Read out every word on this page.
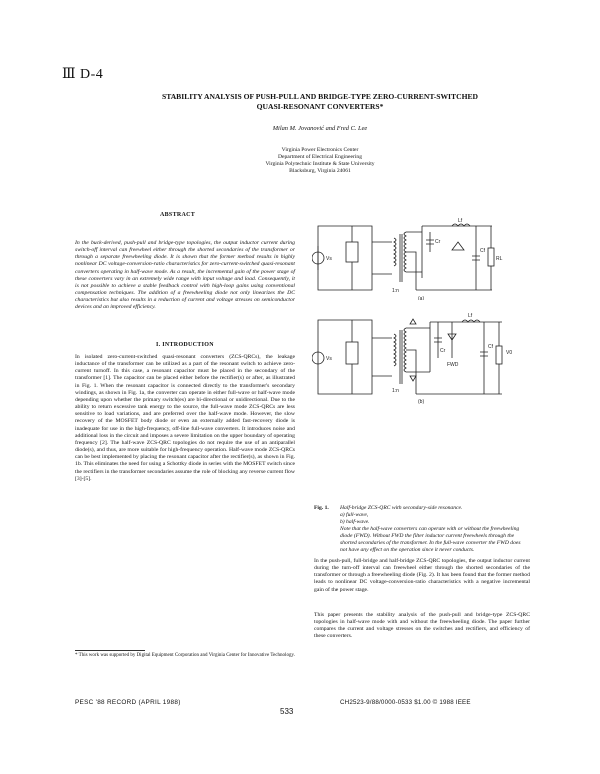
Ⅲ D-4
STABILITY ANALYSIS OF PUSH-PULL AND BRIDGE-TYPE ZERO-CURRENT-SWITCHED
QUASI-RESONANT CONVERTERS*
Milan M. Jovanović and Fred C. Lee
Virginia Power Electronics Center
Department of Electrical Engineering
Virginia Polytechnic Institute & State University
Blacksburg, Virginia 24061
ABSTRACT
In the buck-derived, push-pull and bridge-type topologies, the output inductor current during switch-off interval can freewheel either through the shorted secondaries of the transformer or through a separate freewheeling diode. It is shown that the former method results in highly nonlinear DC voltage-conversion-ratio characteristics for zero-current-switched quasi-resonant converters operating in half-wave mode. As a result, the incremental gain of the power stage of these converters vary in an extremely wide range with input voltage and load. Consequently, it is not possible to achieve a stable feedback control with high-loop gains using conventional compensation techniques. The addition of a freewheeling diode not only linearizes the DC characteristics but also results in a reduction of current and voltage stresses on semiconductor devices and an improved efficiency.
I. INTRODUCTION
In isolated zero-current-switched quasi-resonant converters (ZCS-QRCs), the leakage inductance of the transformer can be utilized as a part of the resonant switch to achieve zero-current turnoff. In this case, a resonant capacitor must be placed in the secondary of the transformer [1]. The capacitor can be placed either before the rectifier(s) or after, as illustrated in Fig. 1. When the resonant capacitor is connected directly to the transformer's secondary windings, as shown in Fig. 1a, the converter can operate in either full-wave or half-wave mode depending upon whether the primary switch(es) are bi-directional or unidirectional. Due to the ability to return excessive tank energy to the source, the full-wave mode ZCS-QRCs are less sensitive to load variations, and are preferred over the half-wave mode. However, the slow recovery of the MOSFET body diode or even an externally added fast-recovery diode is inadequate for use in the high-frequency, off-line full-wave converters. It introduces noise and additional loss in the circuit and imposes a severe limitation on the upper boundary of operating frequency [2]. The half-wave ZCS-QRC topologies do not require the use of an antiparallel diode(s), and thus, are more suitable for high-frequency operation. Half-wave mode ZCS-QRCs can be best implemented by placing the resonant capacitor after the rectifier(s), as shown in Fig. 1b. This eliminates the need for using a Schottky diode in series with the MOSFET switch since the rectifiers in the transformer secondaries assume the role of blocking any reverse current flow [3]-[5].
* This work was supported by Digital Equipment Corporation and Virginia Center for Innovative Technology.
Vs
Lf
Cf
RL
Cr
1:n
(a)
Vs
Lf
Cf
V0
Cr
FWD
1:n
(b)
Fig. 1. Half-bridge ZCS-QRC with secondary-side resonance.
a) full-wave,
b) half-wave.
Note that the half-wave converters can operate with or without the freewheeling diode (FWD). Without FWD the filter inductor current freewheels through the shorted secondaries of the transformer. In the full-wave converter the FWD does not have any effect on the operation since it never conducts.
In the push-pull, full-bridge and half-bridge ZCS-QRC topologies, the output inductor current during the turn-off interval can freewheel either through the shorted secondaries of the transformer or through a freewheeling diode (Fig. 2). It has been found that the former method leads to nonlinear DC voltage-conversion-ratio characteristics with a negative incremental gain of the power stage.
This paper presents the stability analysis of the push-pull and bridge-type ZCS-QRC topologies in half-wave mode with and without the freewheeling diode. The paper further compares the current and voltage stresses on the switches and rectifiers, and efficiency of these converters.
PESC '88 RECORD (APRIL 1988)
533
CH2523-9/88/0000-0533 $1.00 © 1988 IEEE
